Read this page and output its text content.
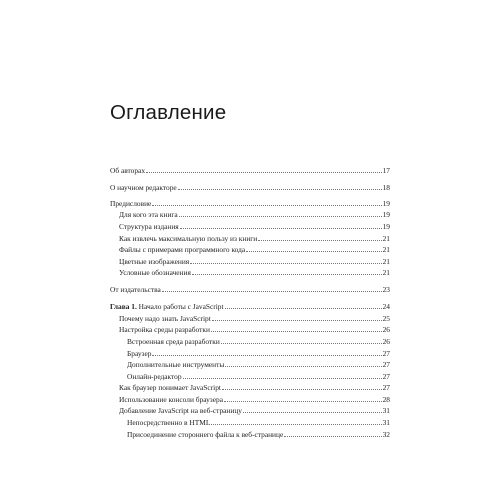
Оглавление
Об авторах	17
О научном редакторе	18
Предисловие	19
Для кого эта книга	19
Структура издания	19
Как извлечь максимальную пользу из книги	21
Файлы с примерами программного кода	21
Цветные изображения	21
Условные обозначения	21
От издательства	23
Глава 1. Начало работы с JavaScript	24
Почему надо знать JavaScript	25
Настройка среды разработки	26
Встроенная среда разработки	26
Браузер	27
Дополнительные инструменты	27
Онлайн-редактор	27
Как браузер понимает JavaScript	27
Использование консоли браузера	28
Добавление JavaScript на веб-страницу	31
Непосредственно в HTML	31
Присоединение стороннего файла к веб-странице	32
